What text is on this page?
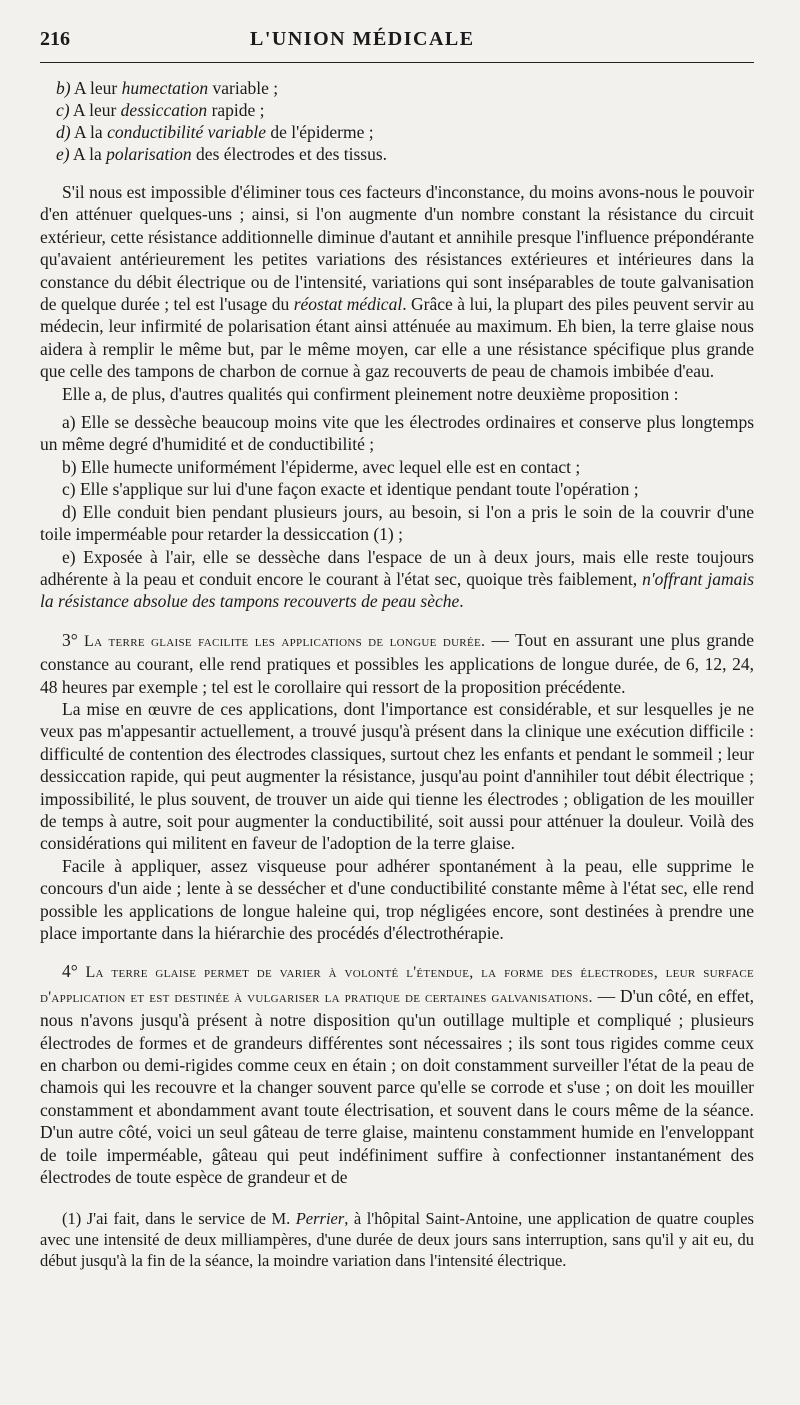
216	L'UNION MÉDICALE

b) A leur humectation variable ;

c) A leur dessiccation rapide ;

d) A la conductibilité variable de l'épiderme ;

e) A la polarisation des électrodes et des tissus.

S'il nous est impossible d'éliminer tous ces facteurs d'inconstance, du moins avons-nous le pouvoir d'en atténuer quelques-uns ; ainsi, si l'on augmente d'un nombre constant la résistance du circuit extérieur, cette résistance additionnelle diminue d'autant et annihile presque l'influence prépondérante qu'avaient antérieurement les petites variations des résistances extérieures et intérieures dans la constance du débit électrique ou de l'intensité, variations qui sont inséparables de toute galvanisation de quelque durée ; tel est l'usage du réostat médical. Grâce à lui, la plupart des piles peuvent servir au médecin, leur infirmité de polarisation étant ainsi atténuée au maximum. Eh bien, la terre glaise nous aidera à remplir le même but, par le même moyen, car elle a une résistance spécifique plus grande que celle des tampons de charbon de cornue à gaz recouverts de peau de chamois imbibée d'eau.

Elle a, de plus, d'autres qualités qui confirment pleinement notre deuxième proposition :

a) Elle se dessèche beaucoup moins vite que les électrodes ordinaires et conserve plus longtemps un même degré d'humidité et de conductibilité ;

b) Elle humecte uniformément l'épiderme, avec lequel elle est en contact ;

c) Elle s'applique sur lui d'une façon exacte et identique pendant toute l'opération ;

d) Elle conduit bien pendant plusieurs jours, au besoin, si l'on a pris le soin de la couvrir d'une toile imperméable pour retarder la dessiccation (1) ;

e) Exposée à l'air, elle se dessèche dans l'espace de un à deux jours, mais elle reste toujours adhérente à la peau et conduit encore le courant à l'état sec, quoique très faiblement, n'offrant jamais la résistance absolue des tampons recouverts de peau sèche.

3° La terre glaise facilite les applications de longue durée. — Tout en assurant une plus grande constance au courant, elle rend pratiques et possibles les applications de longue durée, de 6, 12, 24, 48 heures par exemple ; tel est le corollaire qui ressort de la proposition précédente.

La mise en œuvre de ces applications, dont l'importance est considérable, et sur lesquelles je ne veux pas m'appesantir actuellement, a trouvé jusqu'à présent dans la clinique une exécution difficile : difficulté de contention des électrodes classiques, surtout chez les enfants et pendant le sommeil ; leur dessiccation rapide, qui peut augmenter la résistance, jusqu'au point d'annihiler tout débit électrique ; impossibilité, le plus souvent, de trouver un aide qui tienne les électrodes ; obligation de les mouiller de temps à autre, soit pour augmenter la conductibilité, soit aussi pour atténuer la douleur. Voilà des considérations qui militent en faveur de l'adoption de la terre glaise.

Facile à appliquer, assez visqueuse pour adhérer spontanément à la peau, elle supprime le concours d'un aide ; lente à se dessécher et d'une conductibilité constante même à l'état sec, elle rend possible les applications de longue haleine qui, trop négligées encore, sont destinées à prendre une place importante dans la hiérarchie des procédés d'électrothérapie.

4° La terre glaise permet de varier à volonté l'étendue, la forme des électrodes, leur surface d'application et est destinée à vulgariser la pratique de certaines galvanisations. — D'un côté, en effet, nous n'avons jusqu'à présent à notre disposition qu'un outillage multiple et compliqué ; plusieurs électrodes de formes et de grandeurs différentes sont nécessaires ; ils sont tous rigides comme ceux en charbon ou demi-rigides comme ceux en étain ; on doit constamment surveiller l'état de la peau de chamois qui les recouvre et la changer souvent parce qu'elle se corrode et s'use ; on doit les mouiller constamment et abondamment avant toute électrisation, et souvent dans le cours même de la séance. D'un autre côté, voici un seul gâteau de terre glaise, maintenu constamment humide en l'enveloppant de toile imperméable, gâteau qui peut indéfiniment suffire à confectionner instantanément des électrodes de toute espèce de grandeur et de

(1) J'ai fait, dans le service de M. Perrier, à l'hôpital Saint-Antoine, une application de quatre couples avec une intensité de deux milliampères, d'une durée de deux jours sans interruption, sans qu'il y ait eu, du début jusqu'à la fin de la séance, la moindre variation dans l'intensité électrique.
